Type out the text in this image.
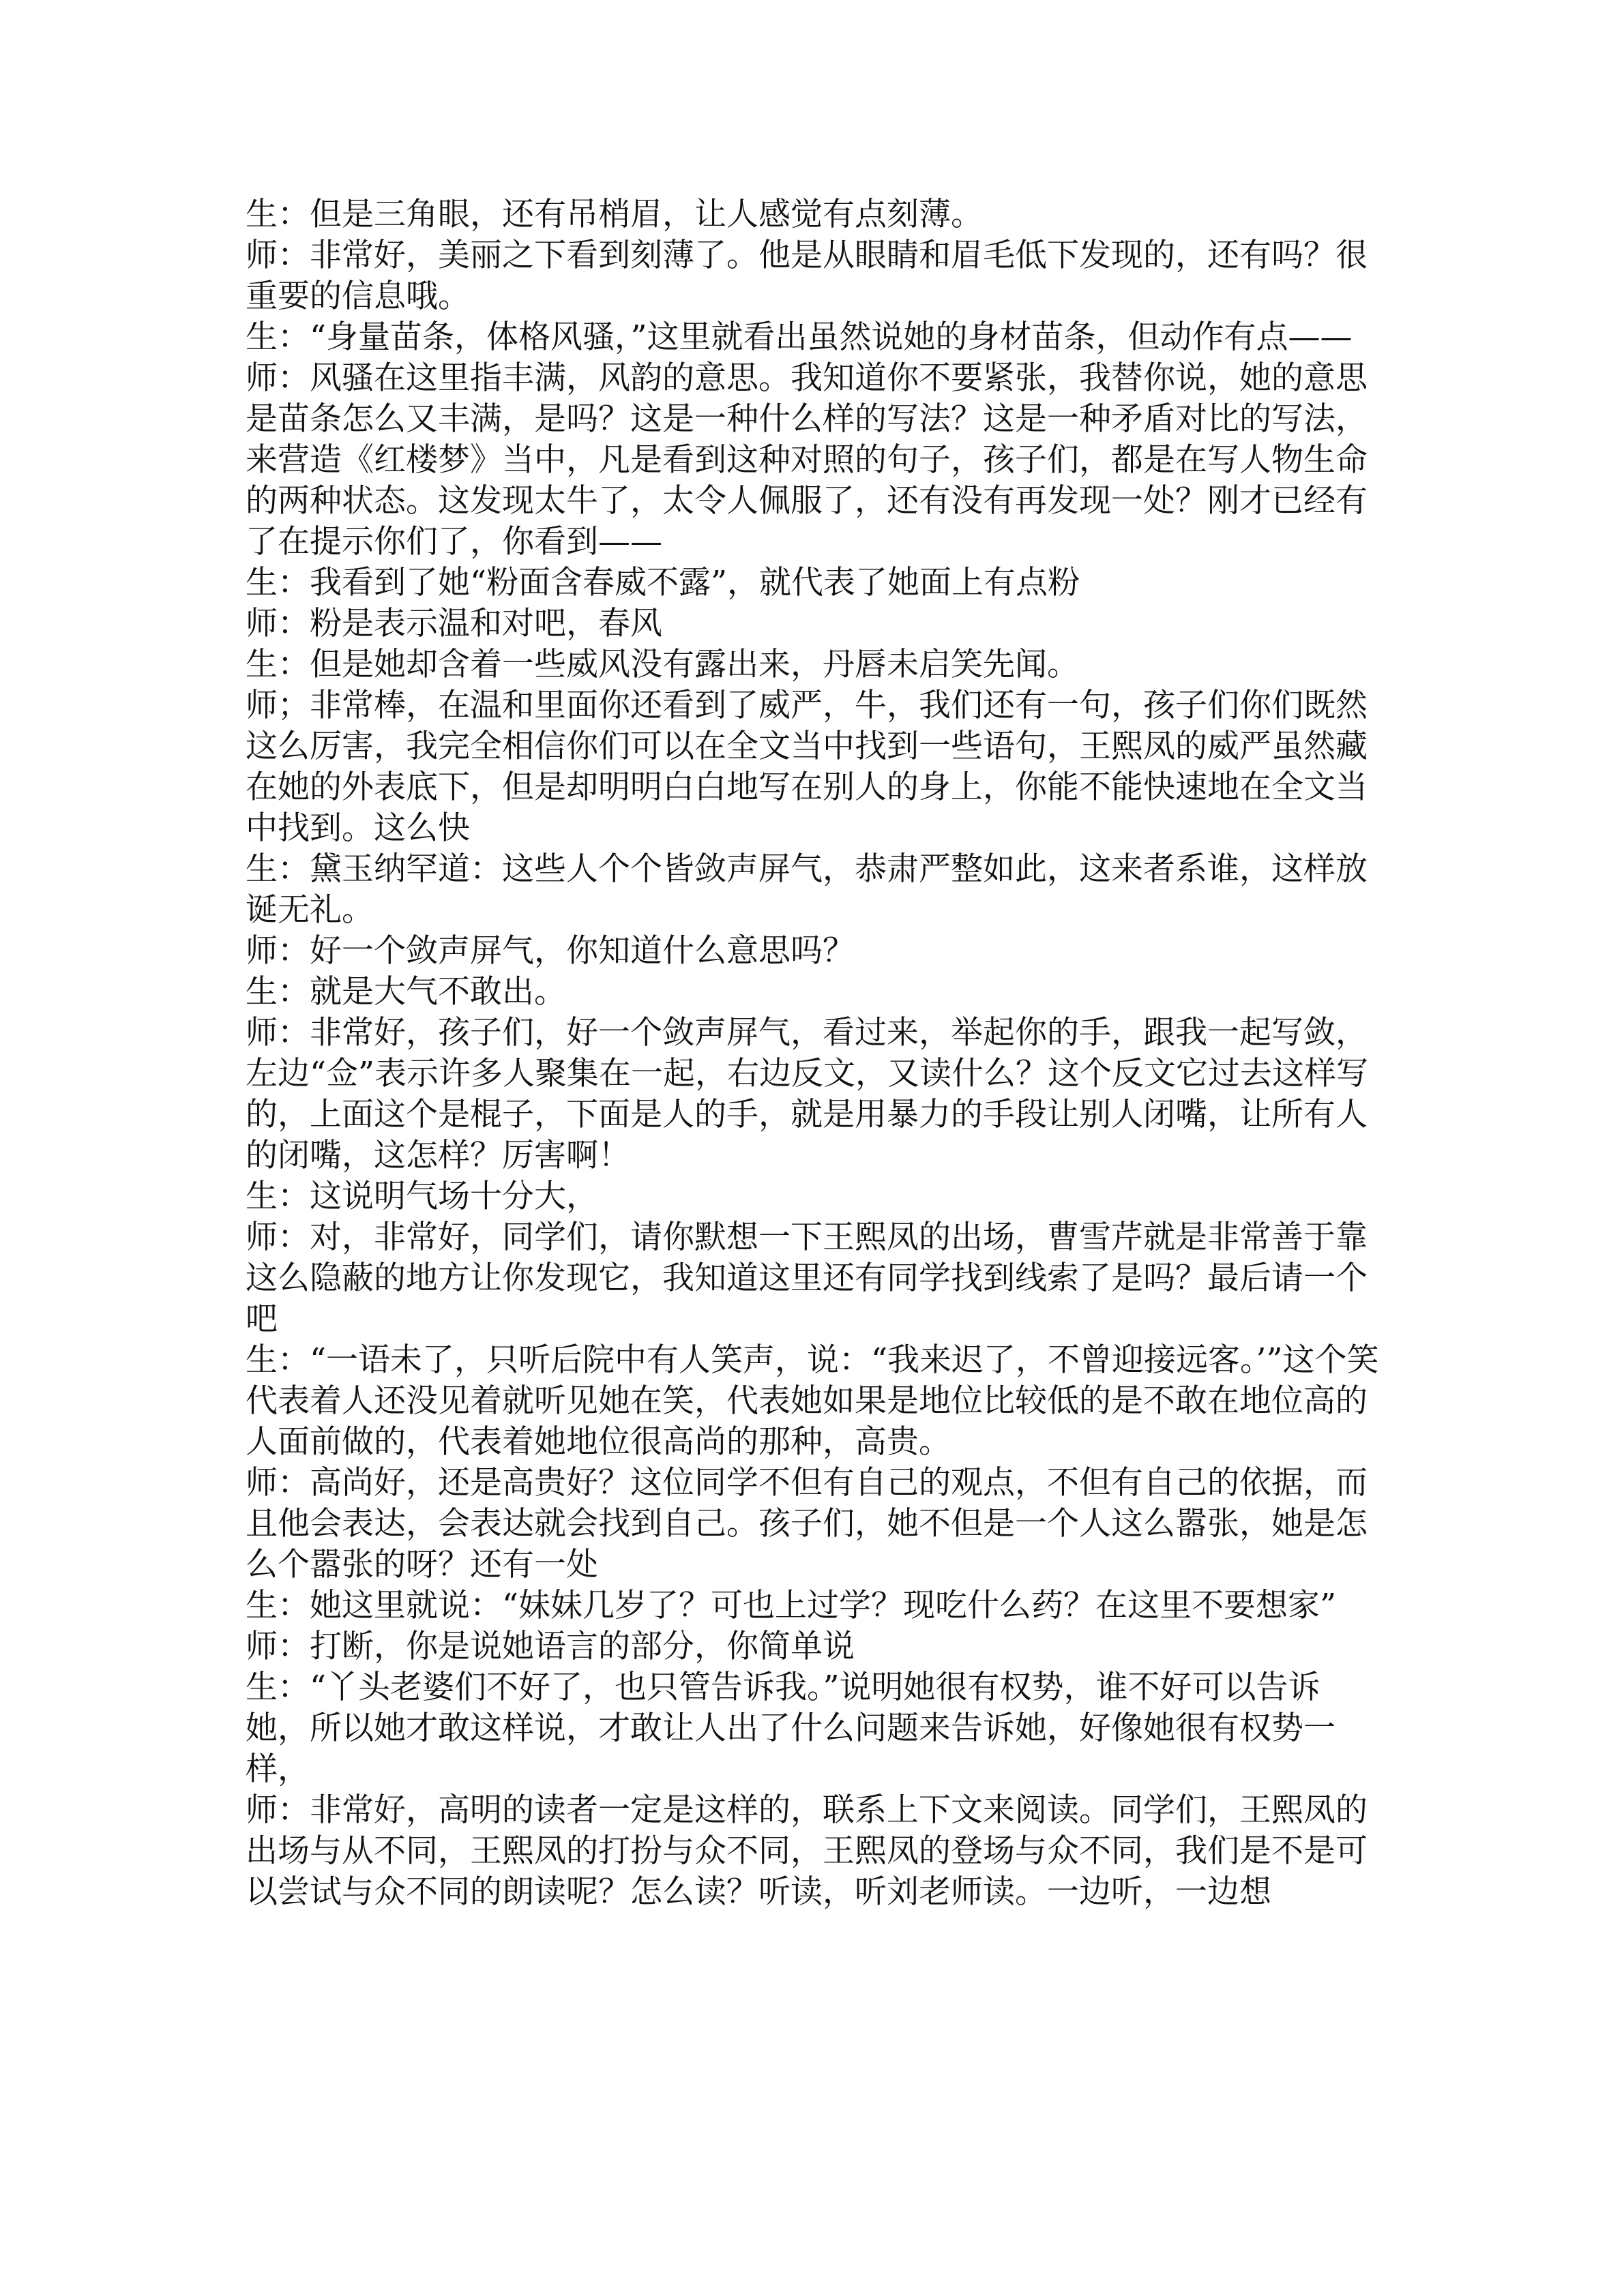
生：但是三角眼，还有吊梢眉，让人感觉有点刻薄。

师：非常好，美丽之下看到刻薄了。他是从眼睛和眉毛低下发现的，还有吗？很重要的信息哦。

生：“身量苗条，体格风骚，”这里就看出虽然说她的身材苗条，但动作有点——

师：风骚在这里指丰满，风韵的意思。我知道你不要紧张，我替你说，她的意思是苗条怎么又丰满，是吗？这是一种什么样的写法？这是一种矛盾对比的写法，来营造《红楼梦》当中，凡是看到这种对照的句子，孩子们，都是在写人物生命的两种状态。这发现太牛了，太令人佩服了，还有没有再发现一处？刚才已经有了在提示你们了，你看到——

生：我看到了她“粉面含春威不露”，就代表了她面上有点粉

师：粉是表示温和对吧，春风

生：但是她却含着一些威风没有露出来，丹唇未启笑先闻。

师；非常棒，在温和里面你还看到了威严，牛，我们还有一句，孩子们你们既然这么厉害，我完全相信你们可以在全文当中找到一些语句，王熙凤的威严虽然藏在她的外表底下，但是却明明白白地写在别人的身上，你能不能快速地在全文当中找到。这么快

生：黛玉纳罕道：这些人个个皆敛声屏气，恭肃严整如此，这来者系谁，这样放诞无礼。

师：好一个敛声屏气，你知道什么意思吗？

生：就是大气不敢出。

师：非常好，孩子们，好一个敛声屏气，看过来，举起你的手，跟我一起写敛，左边“佥”表示许多人聚集在一起，右边反文，又读什么？这个反文它过去这样写的，上面这个是棍子，下面是人的手，就是用暴力的手段让别人闭嘴，让所有人的闭嘴，这怎样？厉害啊！

生：这说明气场十分大，

师：对，非常好，同学们，请你默想一下王熙凤的出场，曹雪芹就是非常善于靠这么隐蔽的地方让你发现它，我知道这里还有同学找到线索了是吗？最后请一个吧

生：“一语未了，只听后院中有人笑声，说：“我来迟了，不曾迎接远客。’”这个笑代表着人还没见着就听见她在笑，代表她如果是地位比较低的是不敢在地位高的人面前做的，代表着她地位很高尚的那种，高贵。

师：高尚好，还是高贵好？这位同学不但有自己的观点，不但有自己的依据，而且他会表达，会表达就会找到自己。孩子们，她不但是一个人这么嚣张，她是怎么个嚣张的呀？还有一处

生：她这里就说：“妹妹几岁了？可也上过学？现吃什么药？在这里不要想家”

师：打断，你是说她语言的部分，你简单说

生：“丫头老婆们不好了，也只管告诉我。”说明她很有权势，谁不好可以告诉她，所以她才敢这样说，才敢让人出了什么问题来告诉她，好像她很有权势一样，

师：非常好，高明的读者一定是这样的，联系上下文来阅读。同学们，王熙凤的出场与从不同，王熙凤的打扮与众不同，王熙凤的登场与众不同，我们是不是可以尝试与众不同的朗读呢？怎么读？听读，听刘老师读。一边听，一边想
